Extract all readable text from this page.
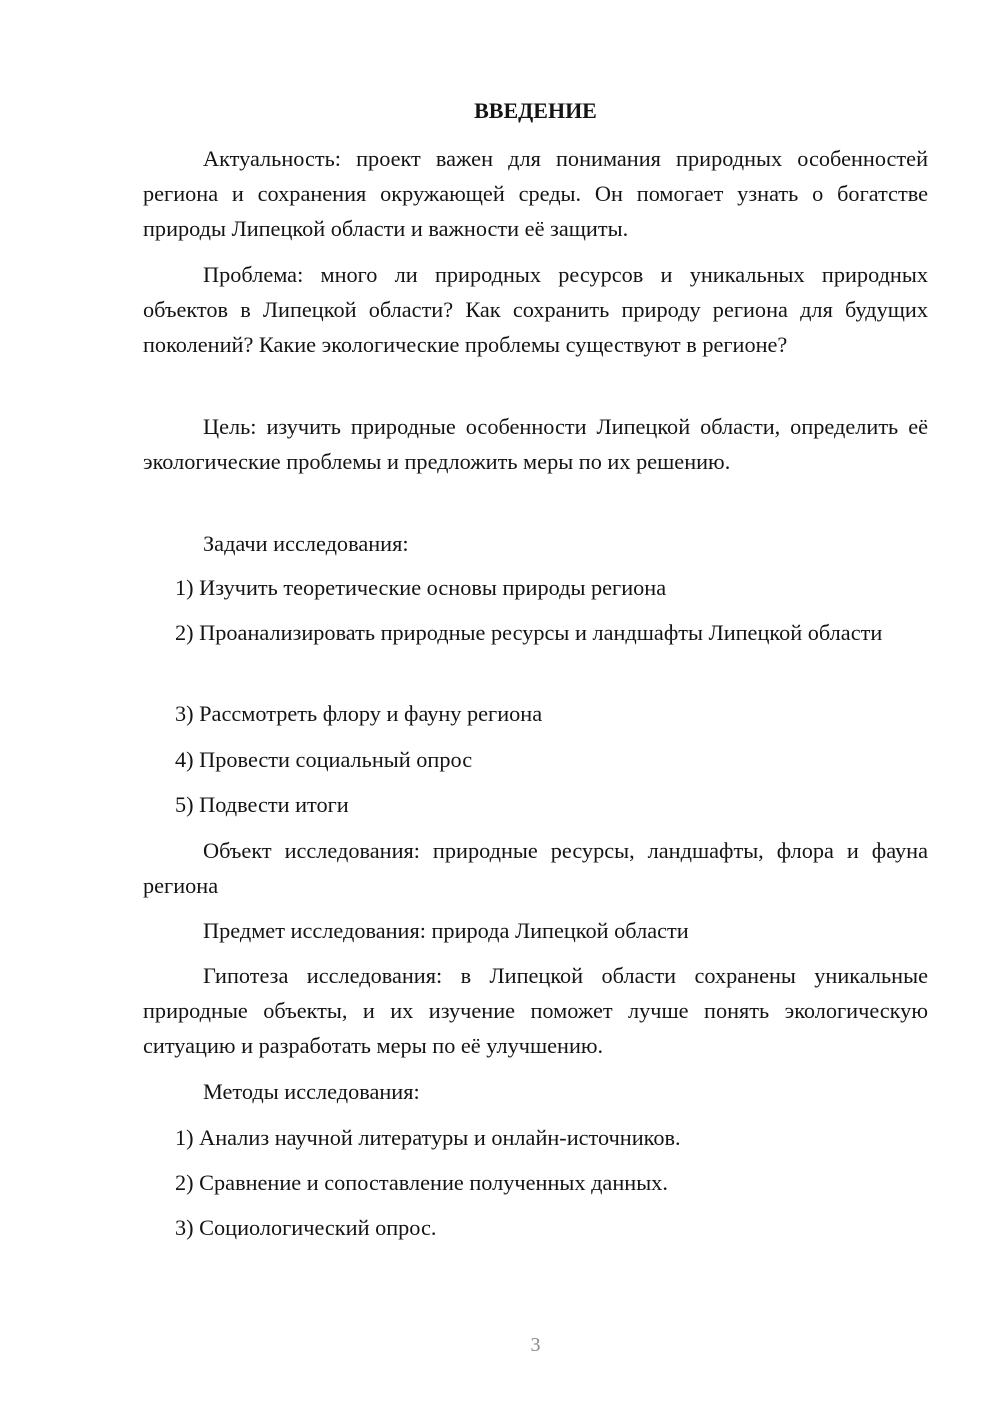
ВВЕДЕНИЕ

Актуальность: проект важен для понимания природных особенностей региона и сохранения окружающей среды. Он помогает узнать о богатстве природы Липецкой области и важности её защиты.

Проблема: много ли природных ресурсов и уникальных природных объектов в Липецкой области? Как сохранить природу региона для будущих поколений? Какие экологические проблемы существуют в регионе?

Цель: изучить природные особенности Липецкой области, определить её экологические проблемы и предложить меры по их решению.

Задачи исследования:

1) Изучить теоретические основы природы региона

2) Проанализировать природные ресурсы и ландшафты Липецкой области

3) Рассмотреть флору и фауну региона

4) Провести социальный опрос

5) Подвести итоги

Объект исследования: природные ресурсы, ландшафты, флора и фауна региона

Предмет исследования: природа Липецкой области

Гипотеза исследования: в Липецкой области сохранены уникальные природные объекты, и их изучение поможет лучше понять экологическую ситуацию и разработать меры по её улучшению.

Методы исследования:

1) Анализ научной литературы и онлайн-источников.

2) Сравнение и сопоставление полученных данных.

3) Социологический опрос.

3
